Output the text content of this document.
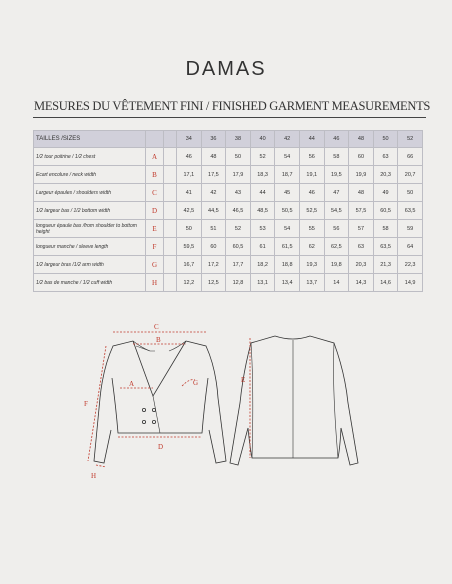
DAMAS
MESURES DU VÊTEMENT FINI / FINISHED GARMENT MEASUREMENTS
TAILLES /SIZES			34	36	38	40	42	44	46	48	50	52
1/2 tour poitrine / 1/2 chest	A		46	48	50	52	54	56	58	60	63	66
Ecart encolure / neck width	B		17,1	17,5	17,9	18,3	18,7	19,1	19,5	19,9	20,3	20,7
Largeur épaules / shoulders width	C		41	42	43	44	45	46	47	48	49	50
1/2 largeur bas / 1/2 bottom width	D		42,5	44,5	46,5	48,5	50,5	52,5	54,5	57,5	60,5	63,5
longueur épaule bas /from shoulder to bottom height	E		50	51	52	53	54	55	56	57	58	59
longueur manche / sleeve length	F		59,5	60	60,5	61	61,5	62	62,5	63	63,5	64
1/2 largeur bras /1/2 arm width	G		16,7	17,2	17,7	18,2	18,8	19,3	19,8	20,3	21,3	22,3
1/2 bas de manche / 1/2 cuff width	H		12,2	12,5	12,8	13,1	13,4	13,7	14	14,3	14,6	14,9
C
B
A	G
D
F
H
E
